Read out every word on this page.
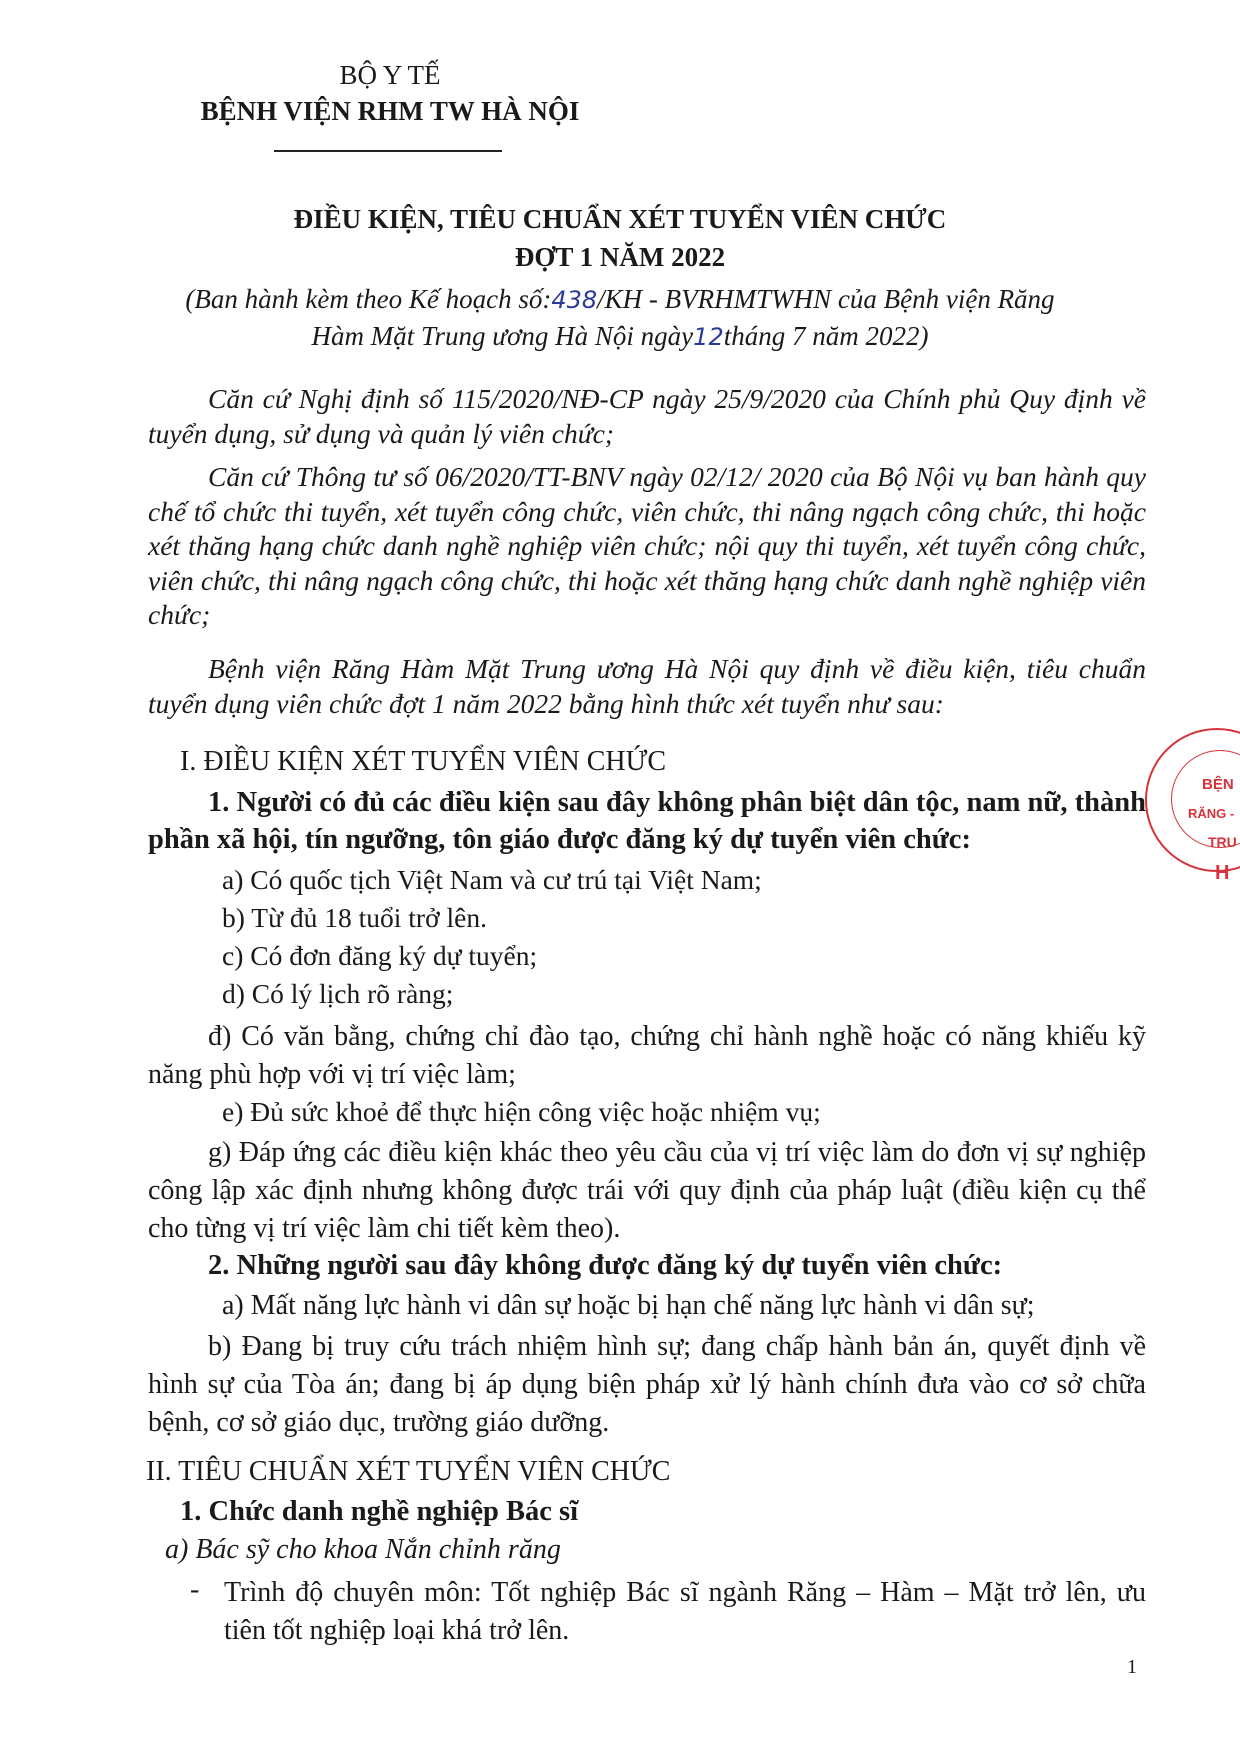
BỘ Y TẾ
BỆNH VIỆN RHM TW HÀ NỘI
ĐIỀU KIỆN, TIÊU CHUẨN XÉT TUYỂN VIÊN CHỨC
ĐỢT 1 NĂM 2022
(Ban hành kèm theo Kế hoạch số:438/KH - BVRHMTWHN của Bệnh viện Răng
Hàm Mặt Trung ương Hà Nội ngày12tháng 7 năm 2022)
Căn cứ Nghị định số 115/2020/NĐ-CP ngày 25/9/2020 của Chính phủ Quy định về tuyển dụng, sử dụng và quản lý viên chức;
Căn cứ Thông tư số 06/2020/TT-BNV ngày 02/12/ 2020 của Bộ Nội vụ ban hành quy chế tổ chức thi tuyển, xét tuyển công chức, viên chức, thi nâng ngạch công chức, thi hoặc xét thăng hạng chức danh nghề nghiệp viên chức; nội quy thi tuyển, xét tuyển công chức, viên chức, thi nâng ngạch công chức, thi hoặc xét thăng hạng chức danh nghề nghiệp viên chức;
Bệnh viện Răng Hàm Mặt Trung ương Hà Nội quy định về điều kiện, tiêu chuẩn tuyển dụng viên chức đợt 1 năm 2022 bằng hình thức xét tuyển như sau:
I. ĐIỀU KIỆN XÉT TUYỂN VIÊN CHỨC
1. Người có đủ các điều kiện sau đây không phân biệt dân tộc, nam nữ, thành phần xã hội, tín ngưỡng, tôn giáo được đăng ký dự tuyển viên chức:
a) Có quốc tịch Việt Nam và cư trú tại Việt Nam;
b) Từ đủ 18 tuổi trở lên.
c) Có đơn đăng ký dự tuyển;
d) Có lý lịch rõ ràng;
đ) Có văn bằng, chứng chỉ đào tạo, chứng chỉ hành nghề hoặc có năng khiếu kỹ năng phù hợp với vị trí việc làm;
e) Đủ sức khoẻ để thực hiện công việc hoặc nhiệm vụ;
g) Đáp ứng các điều kiện khác theo yêu cầu của vị trí việc làm do đơn vị sự nghiệp công lập xác định nhưng không được trái với quy định của pháp luật (điều kiện cụ thể cho từng vị trí việc làm chi tiết kèm theo).
2. Những người sau đây không được đăng ký dự tuyển viên chức:
a) Mất năng lực hành vi dân sự hoặc bị hạn chế năng lực hành vi dân sự;
b) Đang bị truy cứu trách nhiệm hình sự; đang chấp hành bản án, quyết định về hình sự của Tòa án; đang bị áp dụng biện pháp xử lý hành chính đưa vào cơ sở chữa bệnh, cơ sở giáo dục, trường giáo dưỡng.
II. TIÊU CHUẨN XÉT TUYỂN VIÊN CHỨC
1. Chức danh nghề nghiệp Bác sĩ
a) Bác sỹ cho khoa Nắn chỉnh răng
- Trình độ chuyên môn: Tốt nghiệp Bác sĩ ngành Răng – Hàm – Mặt trở lên, ưu tiên tốt nghiệp loại khá trở lên.
1
BỆN
RĂNG -
TRU
H
